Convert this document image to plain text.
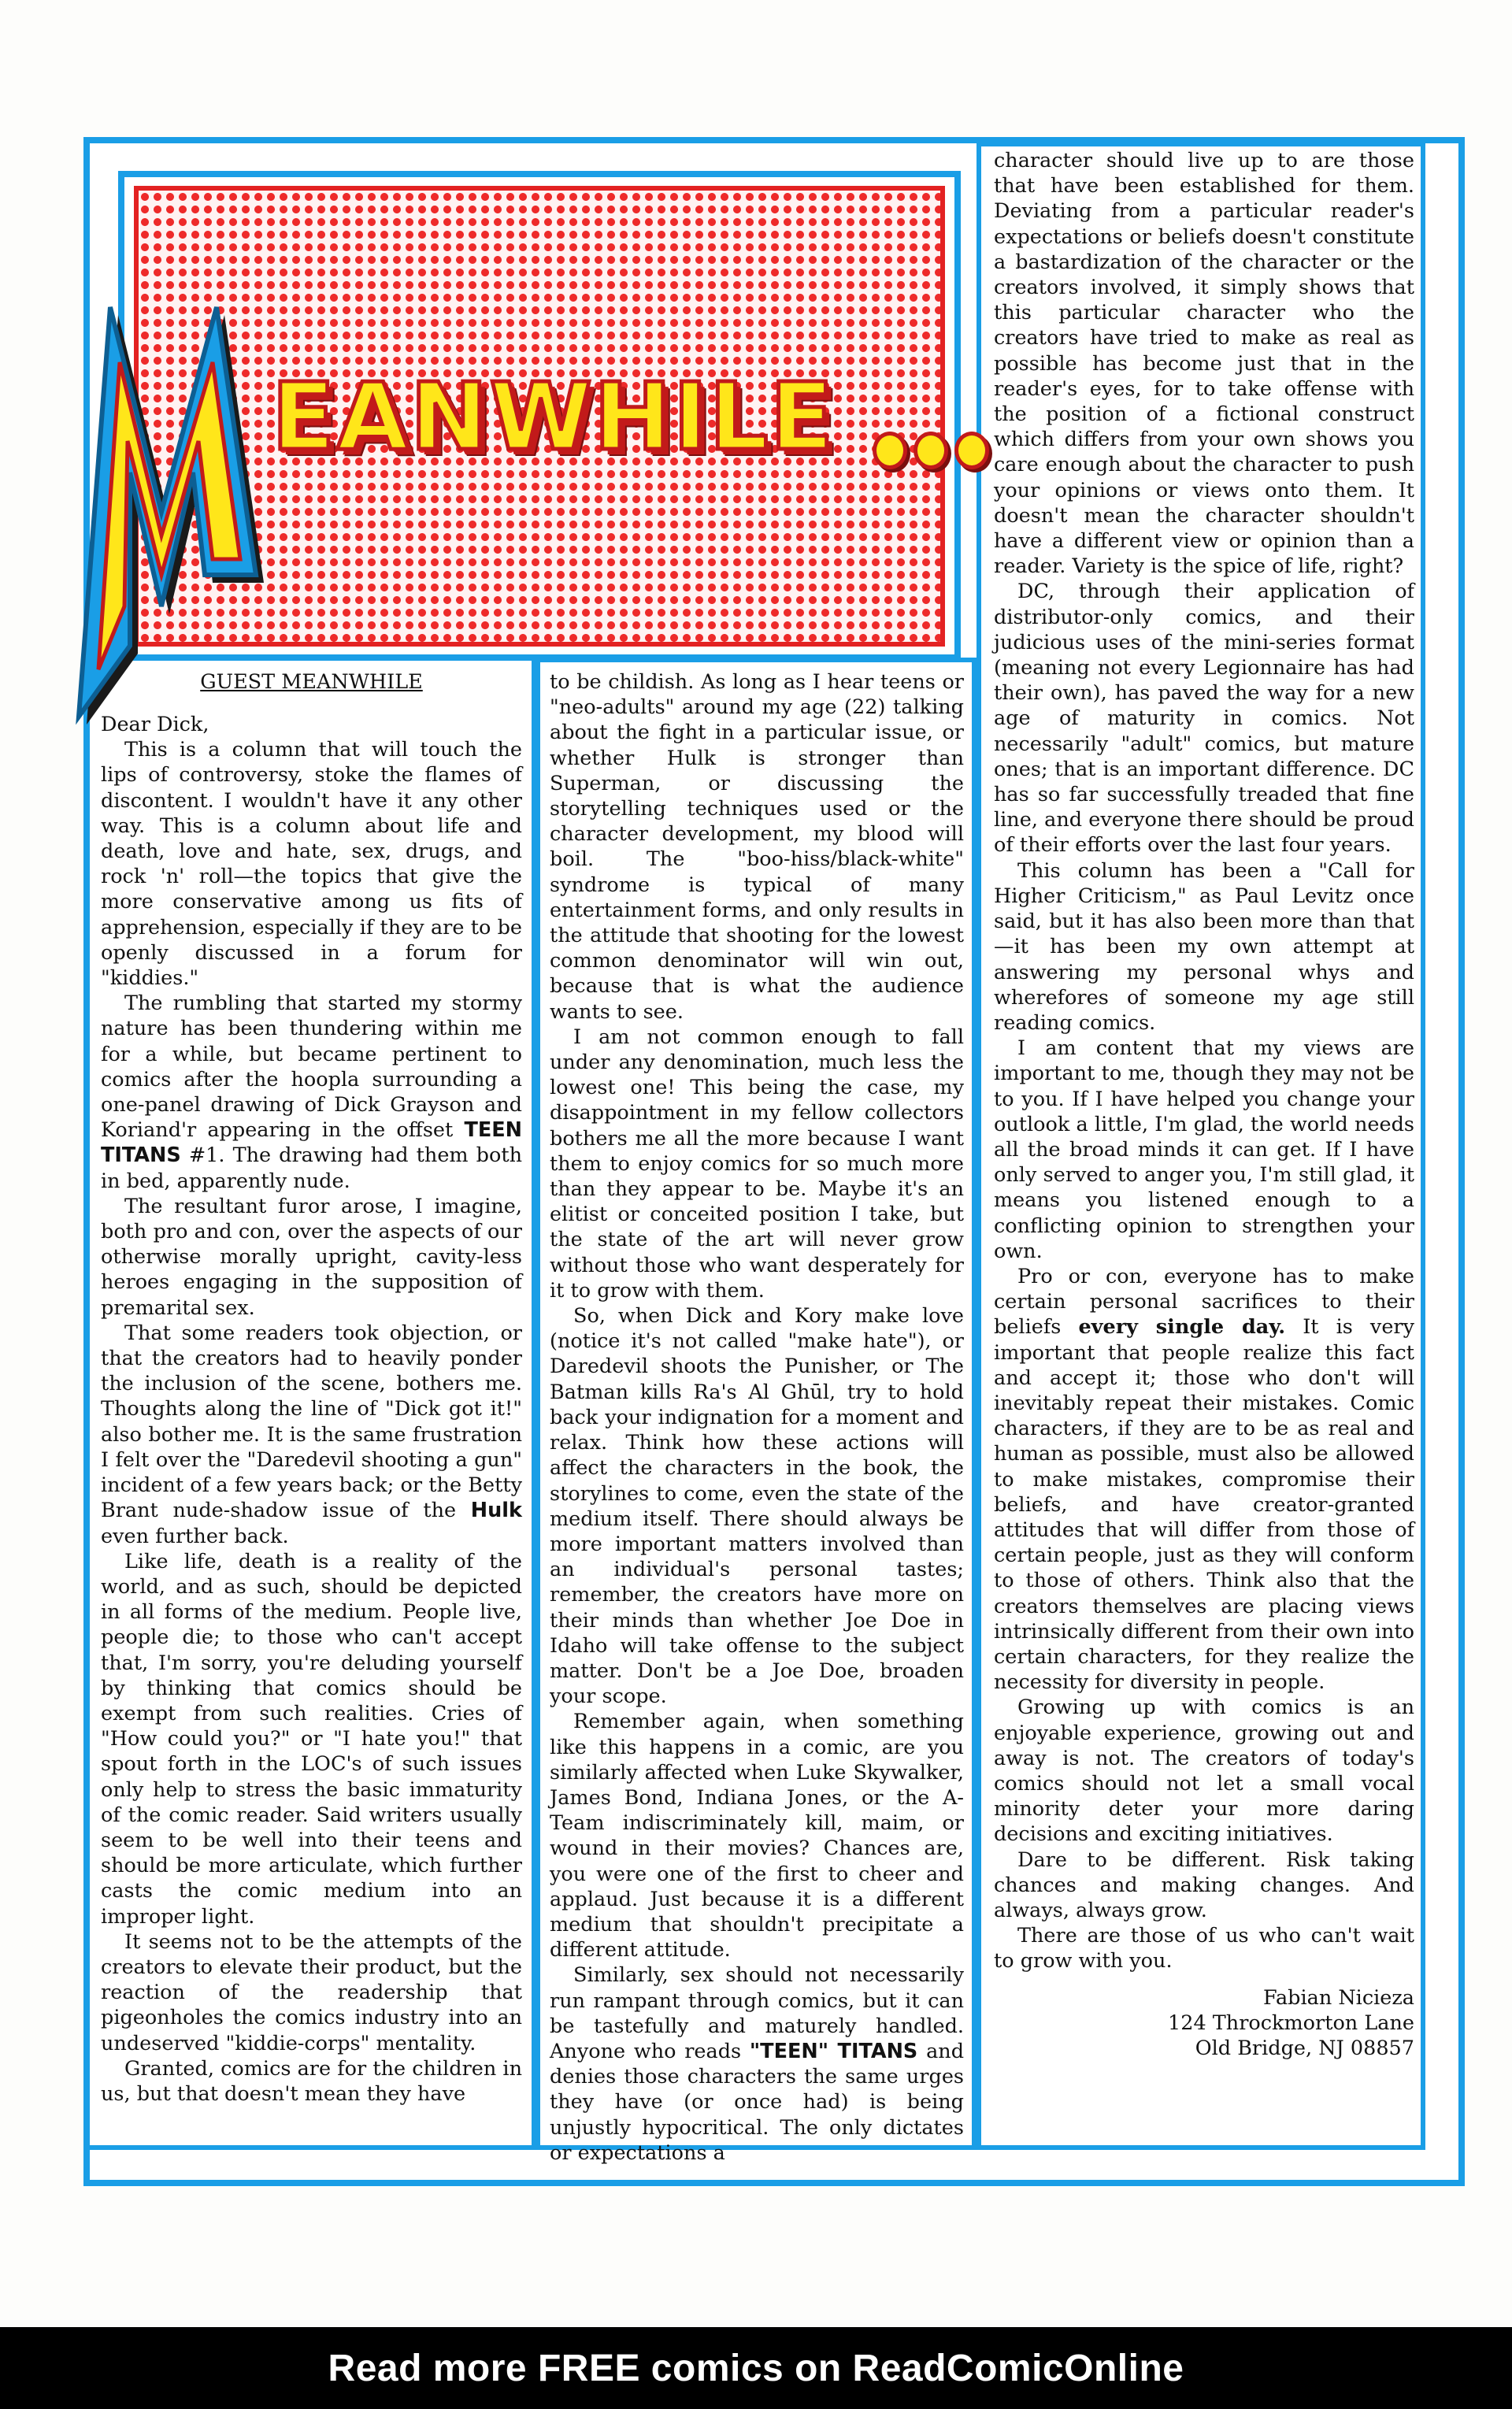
EANWHILE
GUEST MEANWHILE

Dear Dick,

This is a column that will touch the lips of controversy, stoke the flames of discontent. I wouldn't have it any other way. This is a column about life and death, love and hate, sex, drugs, and rock 'n' roll—the topics that give the more conservative among us fits of apprehension, especially if they are to be openly discussed in a forum for "kiddies."

The rumbling that started my stormy nature has been thundering within me for a while, but became pertinent to comics after the hoopla surrounding a one-panel drawing of Dick Grayson and Koriand'r appearing in the offset TEEN TITANS #1. The drawing had them both in bed, apparently nude.

The resultant furor arose, I imagine, both pro and con, over the aspects of our otherwise morally upright, cavity-less heroes engaging in the supposition of premarital sex.

That some readers took objection, or that the creators had to heavily ponder the inclusion of the scene, bothers me. Thoughts along the line of "Dick got it!" also bother me. It is the same frustration I felt over the "Daredevil shooting a gun" incident of a few years back; or the Betty Brant nude-shadow issue of the Hulk even further back.

Like life, death is a reality of the world, and as such, should be depicted in all forms of the medium. People live, people die; to those who can't accept that, I'm sorry, you're deluding yourself by thinking that comics should be exempt from such realities. Cries of "How could you?" or "I hate you!" that spout forth in the LOC's of such issues only help to stress the basic immaturity of the comic reader. Said writers usually seem to be well into their teens and should be more articulate, which further casts the comic medium into an improper light.

It seems not to be the attempts of the creators to elevate their product, but the reaction of the readership that pigeonholes the comics industry into an undeserved "kiddie-corps" mentality.

Granted, comics are for the children in us, but that doesn't mean they have

to be childish. As long as I hear teens or "neo-adults" around my age (22) talking about the fight in a particular issue, or whether Hulk is stronger than Superman, or discussing the storytelling techniques used or the character development, my blood will boil. The "boo-hiss/black-white" syndrome is typical of many entertainment forms, and only results in the attitude that shooting for the lowest common denominator will win out, because that is what the audience wants to see.

I am not common enough to fall under any denomination, much less the lowest one! This being the case, my disappointment in my fellow collectors bothers me all the more because I want them to enjoy comics for so much more than they appear to be. Maybe it's an elitist or conceited position I take, but the state of the art will never grow without those who want desperately for it to grow with them.

So, when Dick and Kory make love (notice it's not called "make hate"), or Daredevil shoots the Punisher, or The Batman kills Ra's Al Ghūl, try to hold back your indignation for a moment and relax. Think how these actions will affect the characters in the book, the storylines to come, even the state of the medium itself. There should always be more important matters involved than an individual's personal tastes; remember, the creators have more on their minds than whether Joe Doe in Idaho will take offense to the subject matter. Don't be a Joe Doe, broaden your scope.

Remember again, when something like this happens in a comic, are you similarly affected when Luke Skywalker, James Bond, Indiana Jones, or the A-Team indiscriminately kill, maim, or wound in their movies? Chances are, you were one of the first to cheer and applaud. Just because it is a different medium that shouldn't precipitate a different attitude.

Similarly, sex should not necessarily run rampant through comics, but it can be tastefully and maturely handled. Anyone who reads "TEEN" TITANS and denies those characters the same urges they have (or once had) is being unjustly hypocritical. The only dictates or expectations a

character should live up to are those that have been established for them. Deviating from a particular reader's expectations or beliefs doesn't constitute a bastardization of the character or the creators involved, it simply shows that this particular character who the creators have tried to make as real as possible has become just that in the reader's eyes, for to take offense with the position of a fictional construct which differs from your own shows you care enough about the character to push your opinions or views onto them. It doesn't mean the character shouldn't have a different view or opinion than a reader. Variety is the spice of life, right?

DC, through their application of distributor-only comics, and their judicious uses of the mini-series format (meaning not every Legionnaire has had their own), has paved the way for a new age of maturity in comics. Not necessarily "adult" comics, but mature ones; that is an important difference. DC has so far successfully treaded that fine line, and everyone there should be proud of their efforts over the last four years.

This column has been a "Call for Higher Criticism," as Paul Levitz once said, but it has also been more than that—it has been my own attempt at answering my personal whys and wherefores of someone my age still reading comics.

I am content that my views are important to me, though they may not be to you. If I have helped you change your outlook a little, I'm glad, the world needs all the broad minds it can get. If I have only served to anger you, I'm still glad, it means you listened enough to a conflicting opinion to strengthen your own.

Pro or con, everyone has to make certain personal sacrifices to their beliefs every single day. It is very important that people realize this fact and accept it; those who don't will inevitably repeat their mistakes. Comic characters, if they are to be as real and human as possible, must also be allowed to make mistakes, compromise their beliefs, and have creator-granted attitudes that will differ from those of certain people, just as they will conform to those of others. Think also that the creators themselves are placing views intrinsically different from their own into certain characters, for they realize the necessity for diversity in people.

Growing up with comics is an enjoyable experience, growing out and away is not. The creators of today's comics should not let a small vocal minority deter your more daring decisions and exciting initiatives.

Dare to be different. Risk taking chances and making changes. And always, always grow.

There are those of us who can't wait to grow with you.

Fabian Nicieza
124 Throckmorton Lane
Old Bridge, NJ 08857
Read more FREE comics on ReadComicOnline
